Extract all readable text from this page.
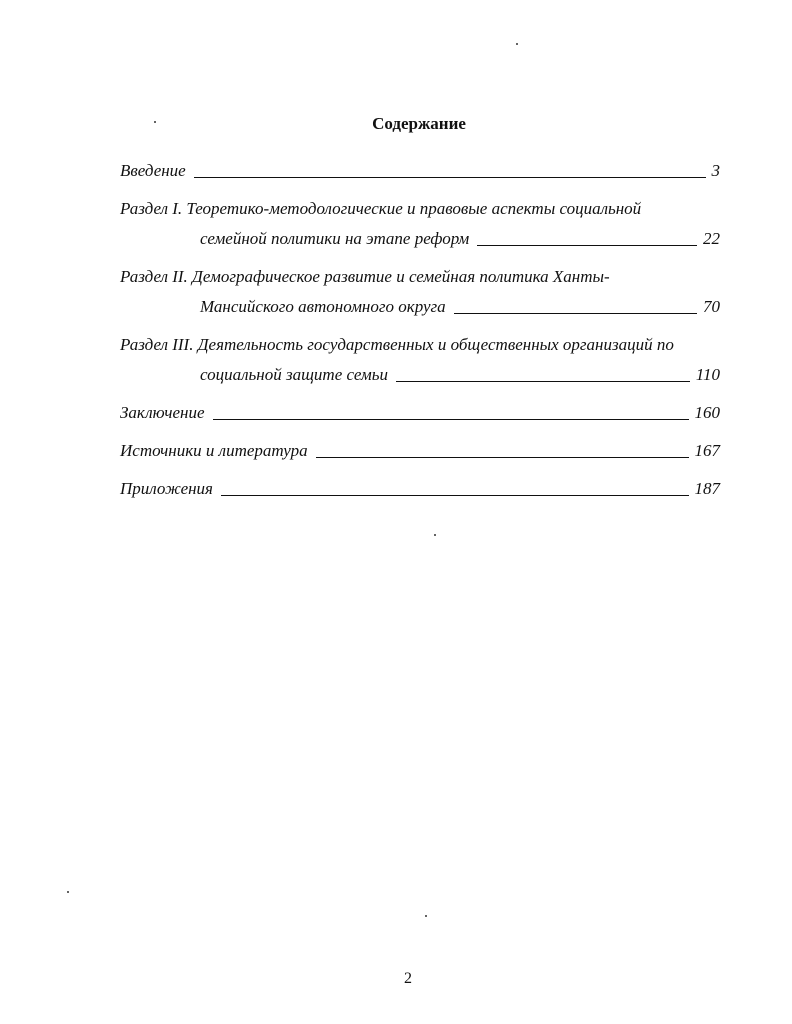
Содержание
Введение	3
Раздел I. Теоретико-методологические и правовые аспекты социальной
семейной политики на этапе реформ	22
Раздел II. Демографическое развитие и семейная политика Ханты-
Мансийского автономного округа	70
Раздел III. Деятельность государственных и общественных организаций по
социальной защите семьи	110
Заключение	160
Источники и литература	167
Приложения	187
2
